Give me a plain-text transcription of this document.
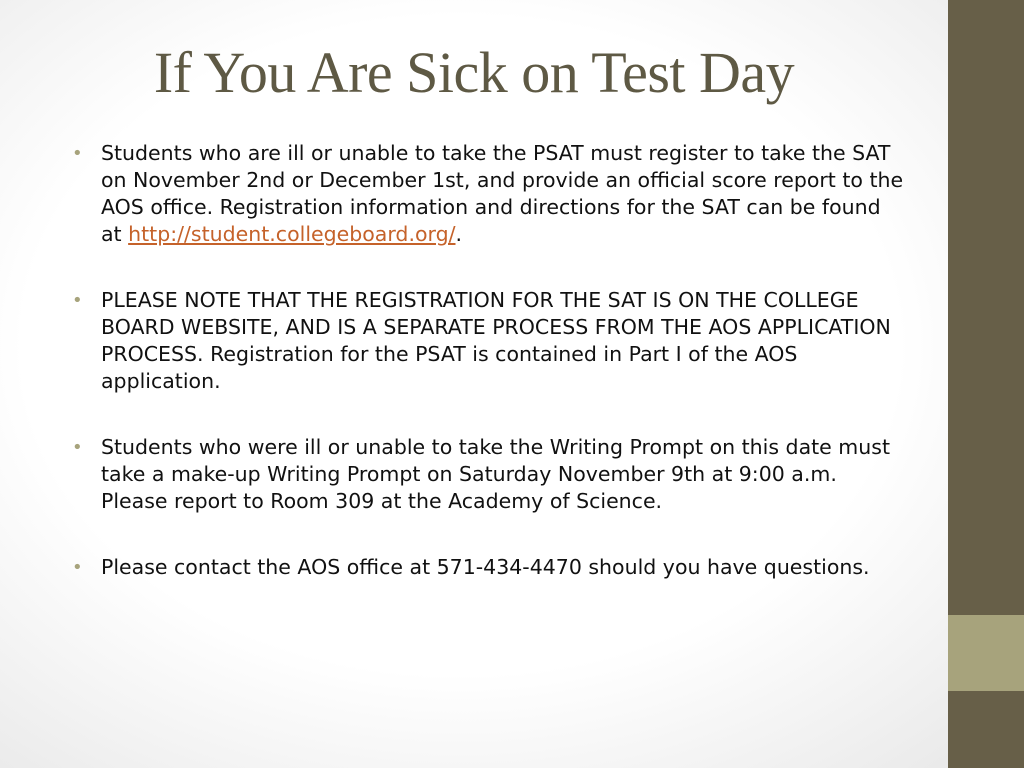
If You Are Sick on Test Day
• Students who are ill or unable to take the PSAT must register to take the SAT on November 2nd or December 1st, and provide an official score report to the AOS office. Registration information and directions for the SAT can be found at http://student.collegeboard.org/.
• PLEASE NOTE THAT THE REGISTRATION FOR THE SAT IS ON THE COLLEGE BOARD WEBSITE, AND IS A SEPARATE PROCESS FROM THE AOS APPLICATION PROCESS. Registration for the PSAT is contained in Part I of the AOS application.
• Students who were ill or unable to take the Writing Prompt on this date must take a make-up Writing Prompt on Saturday November 9th at 9:00 a.m. Please report to Room 309 at the Academy of Science.
• Please contact the AOS office at 571-434-4470 should you have questions.
